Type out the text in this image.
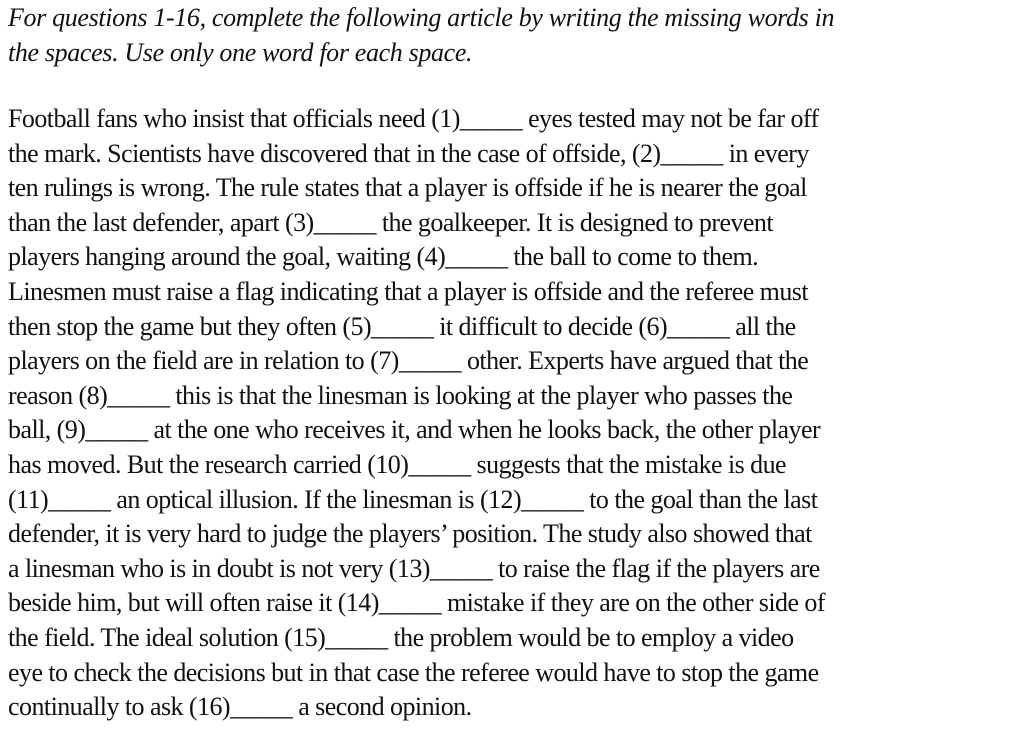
For questions 1-16, complete the following article by writing the missing words in
the spaces. Use only one word for each space.
Football fans who insist that officials need (1)_____ eyes tested may not be far off
the mark. Scientists have discovered that in the case of offside, (2)_____ in every
ten rulings is wrong. The rule states that a player is offside if he is nearer the goal
than the last defender, apart (3)_____ the goalkeeper. It is designed to prevent
players hanging around the goal, waiting (4)_____ the ball to come to them.
Linesmen must raise a flag indicating that a player is offside and the referee must
then stop the game but they often (5)_____ it difficult to decide (6)_____ all the
players on the field are in relation to (7)_____ other. Experts have argued that the
reason (8)_____ this is that the linesman is looking at the player who passes the
ball, (9)_____ at the one who receives it, and when he looks back, the other player
has moved. But the research carried (10)_____ suggests that the mistake is due
(11)_____ an optical illusion. If the linesman is (12)_____ to the goal than the last
defender, it is very hard to judge the players’ position. The study also showed that
a linesman who is in doubt is not very (13)_____ to raise the flag if the players are
beside him, but will often raise it (14)_____ mistake if they are on the other side of
the field. The ideal solution (15)_____ the problem would be to employ a video
eye to check the decisions but in that case the referee would have to stop the game
continually to ask (16)_____ a second opinion.
